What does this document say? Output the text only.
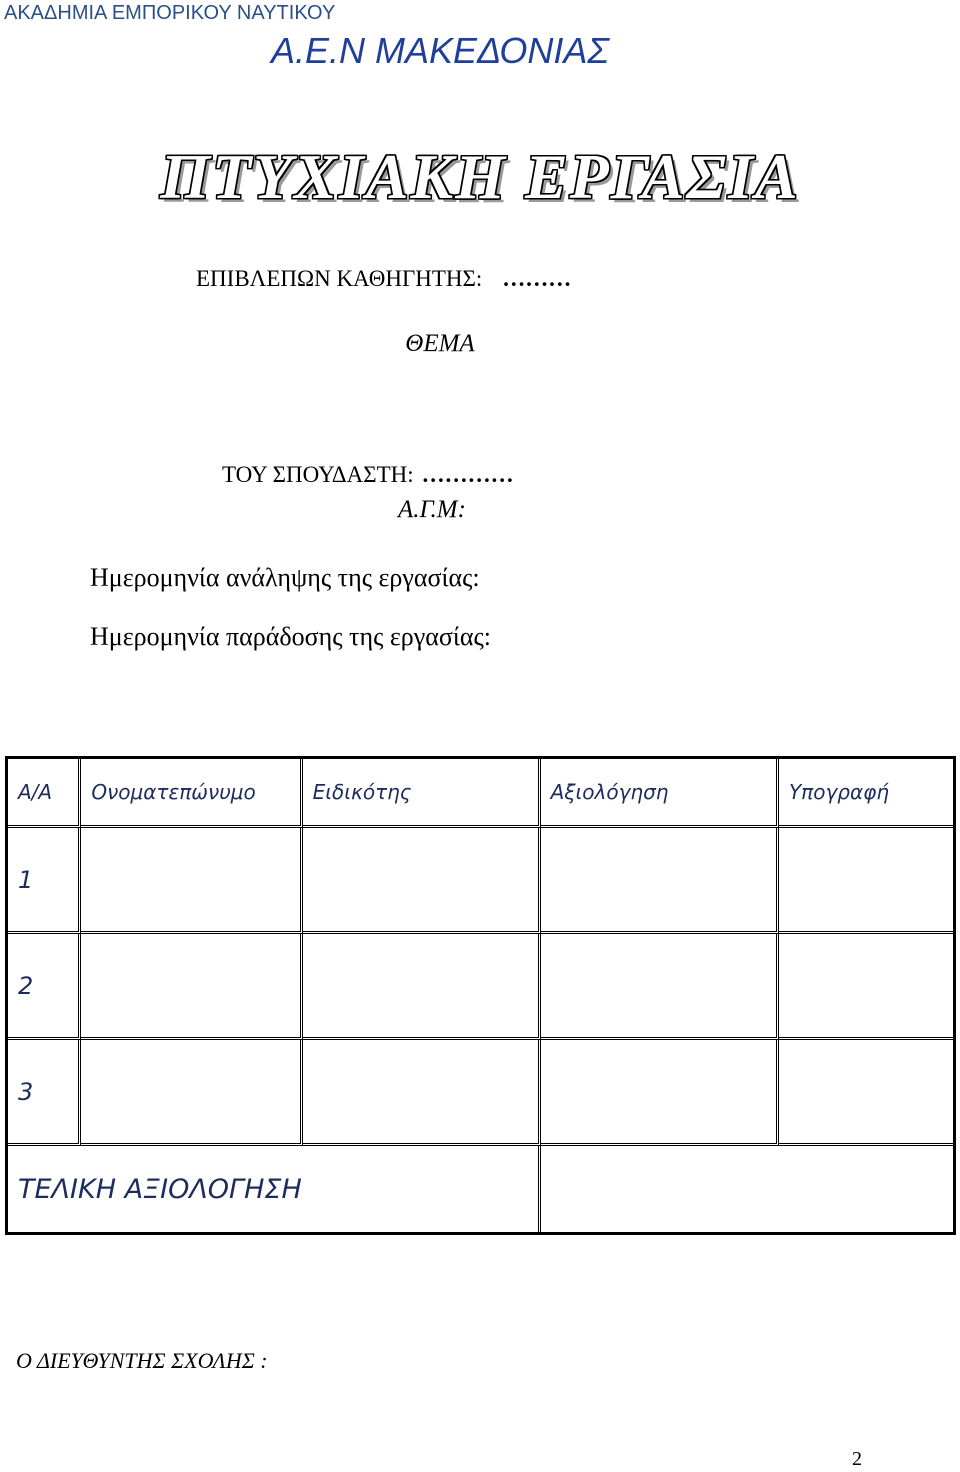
ΑΚΑΔΗΜΙΑ ΕΜΠΟΡΙΚΟΥ ΝΑΥΤΙΚΟΥ
Α.Ε.Ν ΜΑΚΕΔΟΝΙΑΣ
ΠΤΥΧΙΑΚΗ ΕΡΓΑΣΙΑ
ΕΠΙΒΛΕΠΩΝ ΚΑΘΗΓΗΤΗΣ: ………
ΘΕΜΑ
ΤΟΥ ΣΠΟΥΔΑΣΤΗ: …………
Α.Γ.Μ:
Ημερομηνία ανάληψης της εργασίας:
Ημερομηνία παράδοσης της εργασίας:
Α/Α	Ονοματεπώνυμο	Ειδικότης	Αξιολόγηση	Υπογραφή
1				
2				
3				
ΤΕΛΙΚΗ ΑΞΙΟΛΟΓΗΣΗ				
Ο ΔΙΕΥΘΥΝΤΗΣ ΣΧΟΛΗΣ :
2
